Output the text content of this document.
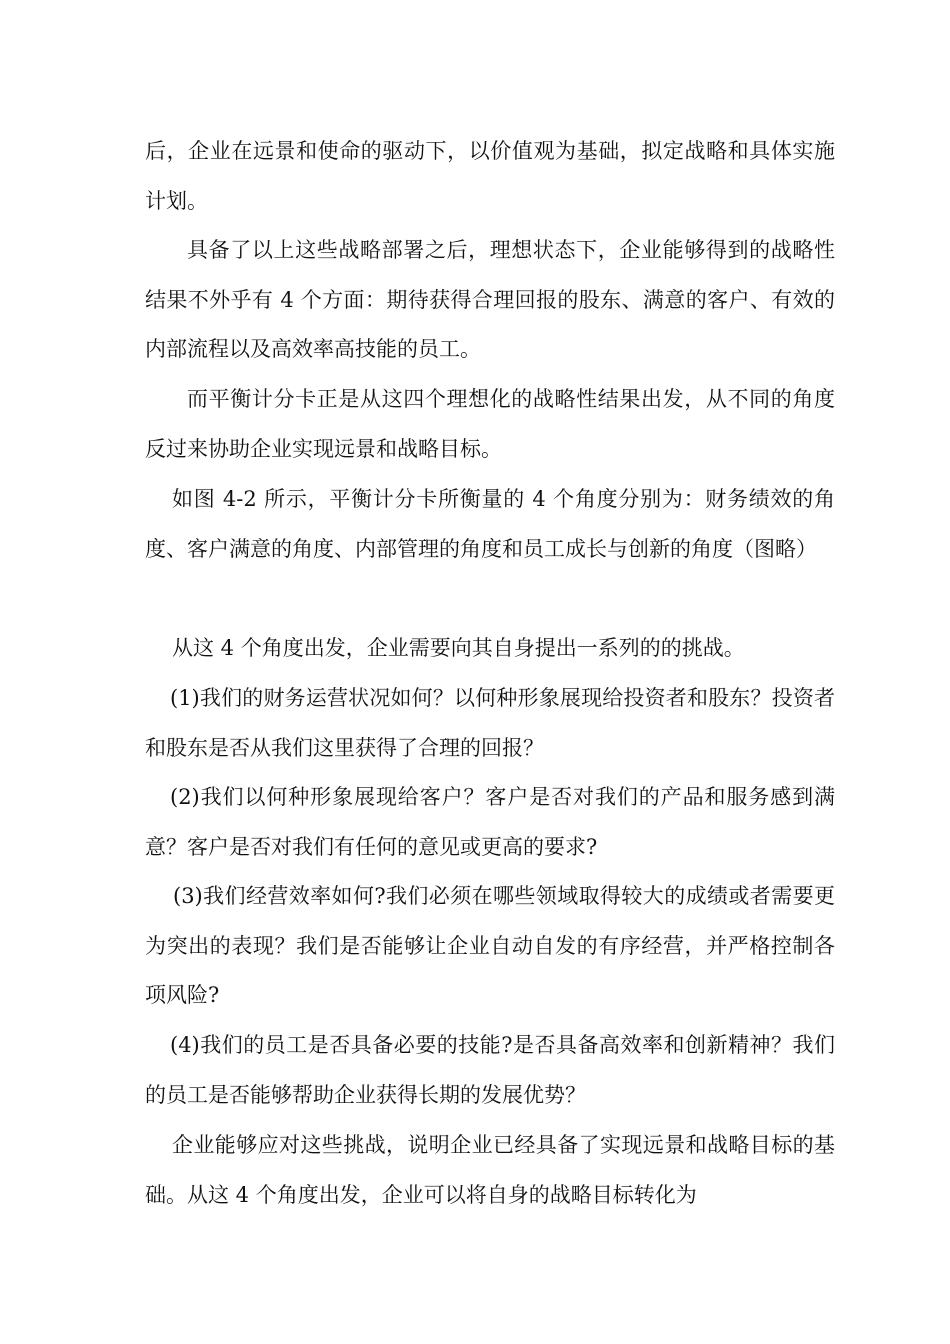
后，企业在远景和使命的驱动下，以价值观为基础，拟定战略和具体实施计划。

具备了以上这些战略部署之后，理想状态下，企业能够得到的战略性结果不外乎有 4 个方面：期待获得合理回报的股东、满意的客户、有效的内部流程以及高效率高技能的员工。

而平衡计分卡正是从这四个理想化的战略性结果出发，从不同的角度反过来协助企业实现远景和战略目标。

如图 4-2 所示，平衡计分卡所衡量的 4 个角度分别为：财务绩效的角度、客户满意的角度、内部管理的角度和员工成长与创新的角度（图略）

从这 4 个角度出发，企业需要向其自身提出一系列的的挑战。

(1)我们的财务运营状况如何？以何种形象展现给投资者和股东？投资者和股东是否从我们这里获得了合理的回报？

(2)我们以何种形象展现给客户？客户是否对我们的产品和服务感到满意？客户是否对我们有任何的意见或更高的要求?

(3)我们经营效率如何?我们必须在哪些领域取得较大的成绩或者需要更为突出的表现？我们是否能够让企业自动自发的有序经营，并严格控制各项风险?

(4)我们的员工是否具备必要的技能?是否具备高效率和创新精神？我们的员工是否能够帮助企业获得长期的发展优势？

企业能够应对这些挑战，说明企业已经具备了实现远景和战略目标的基础。从这 4 个角度出发，企业可以将自身的战略目标转化为
